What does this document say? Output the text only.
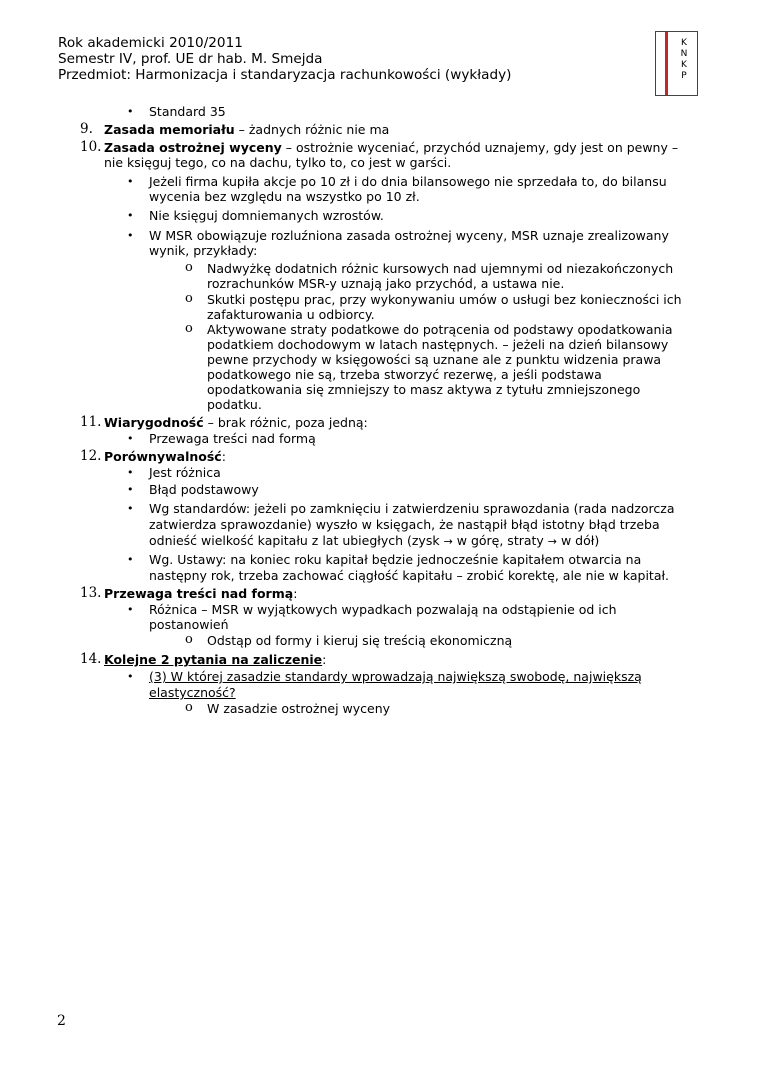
Rok akademicki 2010/2011
Semestr IV, prof. UE dr hab. M. Smejda
Przedmiot: Harmonizacja i standaryzacja rachunkowości (wykłady)
K
N
K
P
• Standard 35
9. Zasada memoriału – żadnych różnic nie ma
10. Zasada ostrożnej wyceny – ostrożnie wyceniać, przychód uznajemy, gdy jest on pewny –
nie księguj tego, co na dachu, tylko to, co jest w garści.
• Jeżeli firma kupiła akcje po 10 zł i do dnia bilansowego nie sprzedała to, do bilansu
wycenia bez względu na wszystko po 10 zł.
• Nie księguj domniemanych wzrostów.
• W MSR obowiązuje rozluźniona zasada ostrożnej wyceny, MSR uznaje zrealizowany
wynik, przykłady:
o Nadwyżkę dodatnich różnic kursowych nad ujemnymi od niezakończonych
rozrachunków MSR-y uznają jako przychód, a ustawa nie.
o Skutki postępu prac, przy wykonywaniu umów o usługi bez konieczności ich
zafakturowania u odbiorcy.
o Aktywowane straty podatkowe do potrącenia od podstawy opodatkowania
podatkiem dochodowym w latach następnych. – jeżeli na dzień bilansowy
pewne przychody w księgowości są uznane ale z punktu widzenia prawa
podatkowego nie są, trzeba stworzyć rezerwę, a jeśli podstawa
opodatkowania się zmniejszy to masz aktywa z tytułu zmniejszonego
podatku.
11. Wiarygodność – brak różnic, poza jedną:
• Przewaga treści nad formą
12. Porównywalność:
• Jest różnica
• Błąd podstawowy
• Wg standardów: jeżeli po zamknięciu i zatwierdzeniu sprawozdania (rada nadzorcza
zatwierdza sprawozdanie) wyszło w księgach, że nastąpił błąd istotny błąd trzeba
odnieść wielkość kapitału z lat ubiegłych (zysk → w górę, straty → w dół)
• Wg. Ustawy: na koniec roku kapitał będzie jednocześnie kapitałem otwarcia na
następny rok, trzeba zachować ciągłość kapitału – zrobić korektę, ale nie w kapitał.
13. Przewaga treści nad formą:
• Różnica – MSR w wyjątkowych wypadkach pozwalają na odstąpienie od ich
postanowień
o Odstąp od formy i kieruj się treścią ekonomiczną
14. Kolejne 2 pytania na zaliczenie:
• (3) W której zasadzie standardy wprowadzają największą swobodę, największą
elastyczność?
o W zasadzie ostrożnej wyceny
2
